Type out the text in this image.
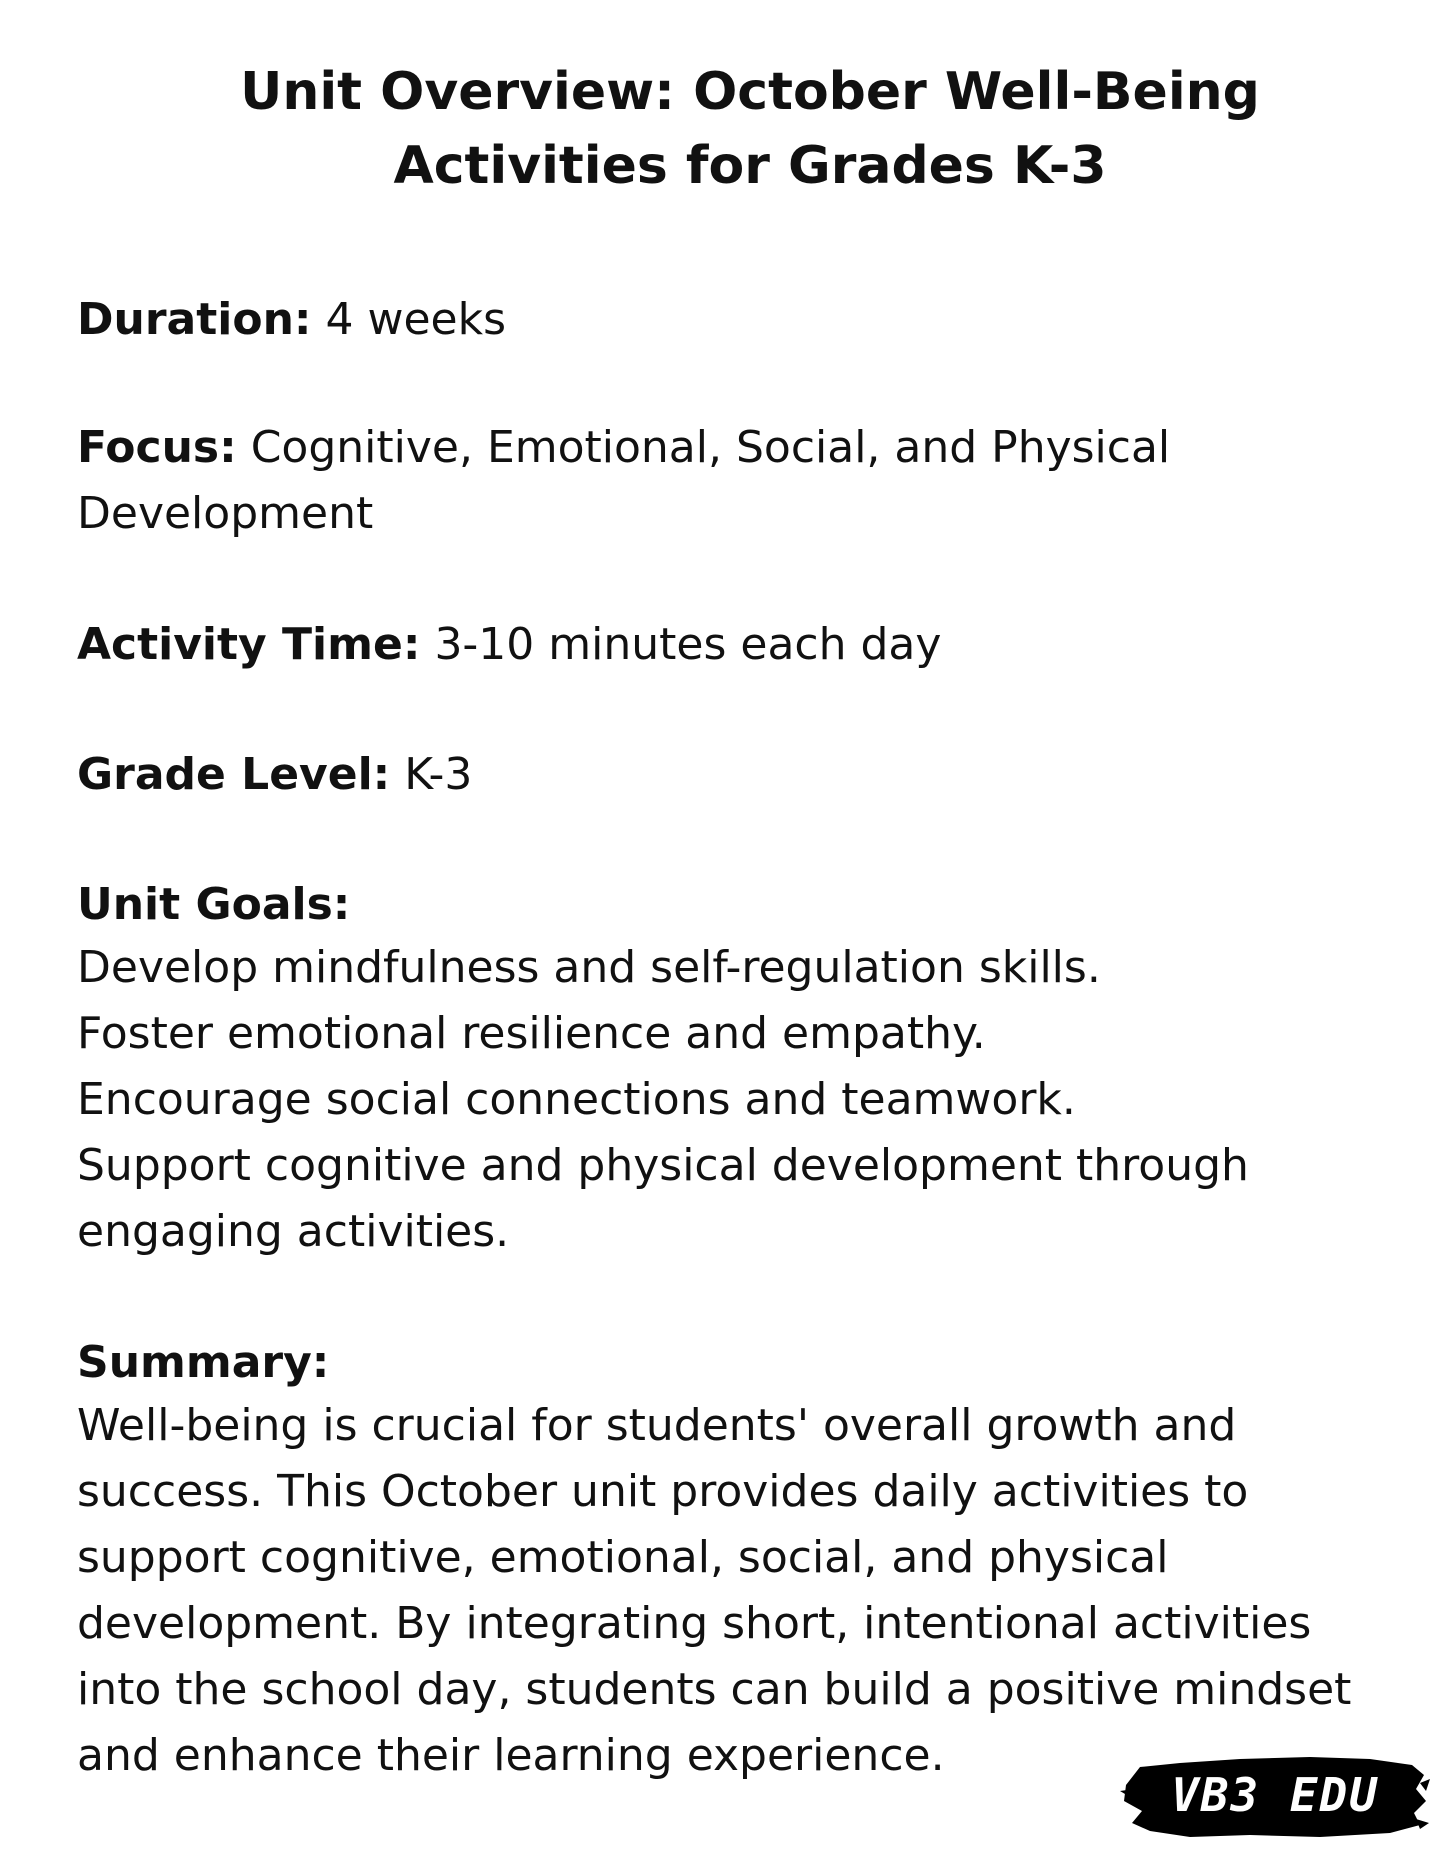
Unit Overview: October Well-Being Activities for Grades K-3

Duration: 4 weeks

Focus: Cognitive, Emotional, Social, and Physical Development

Activity Time: 3-10 minutes each day

Grade Level: K-3

Unit Goals:
Develop mindfulness and self-regulation skills.
Foster emotional resilience and empathy.
Encourage social connections and teamwork.
Support cognitive and physical development through engaging activities.
Summary:

Well-being is crucial for students' overall growth and success. This October unit provides daily activities to support cognitive, emotional, social, and physical development. By integrating short, intentional activities into the school day, students can build a positive mindset and enhance their learning experience.

VB3 EDU
